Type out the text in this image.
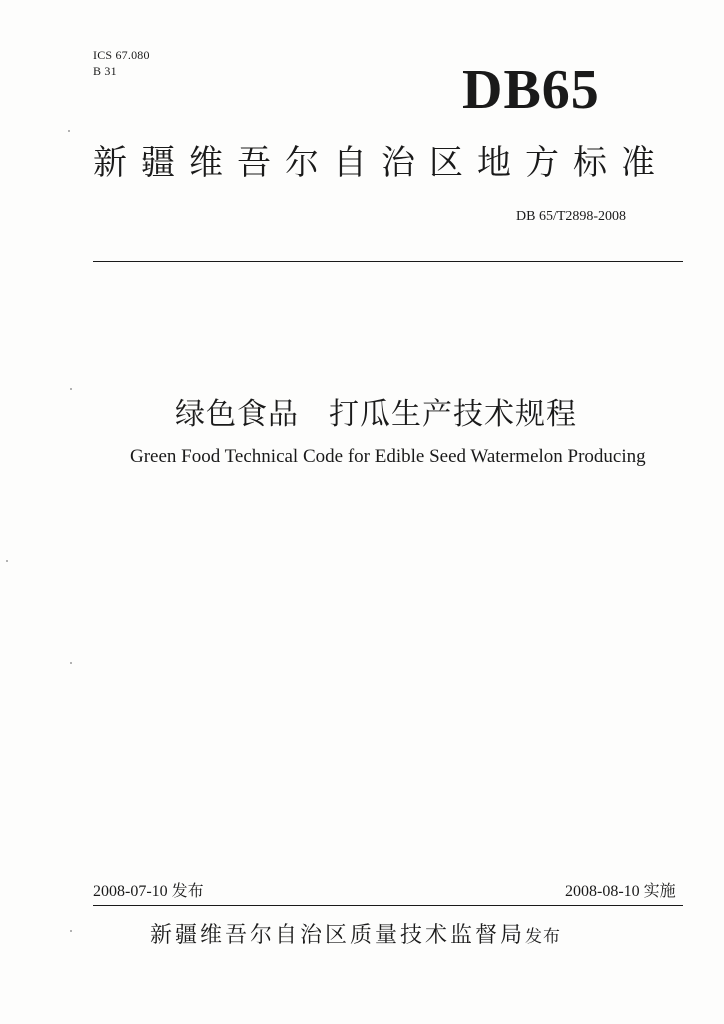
ICS 67.080
B 31	DB65
新疆维吾尔自治区地方标准
DB 65/T2898-2008
绿色食品 打瓜生产技术规程
Green Food Technical Code for Edible Seed Watermelon Producing
2008-07-10 发布	2008-08-10 实施
新疆维吾尔自治区质量技术监督局发布
